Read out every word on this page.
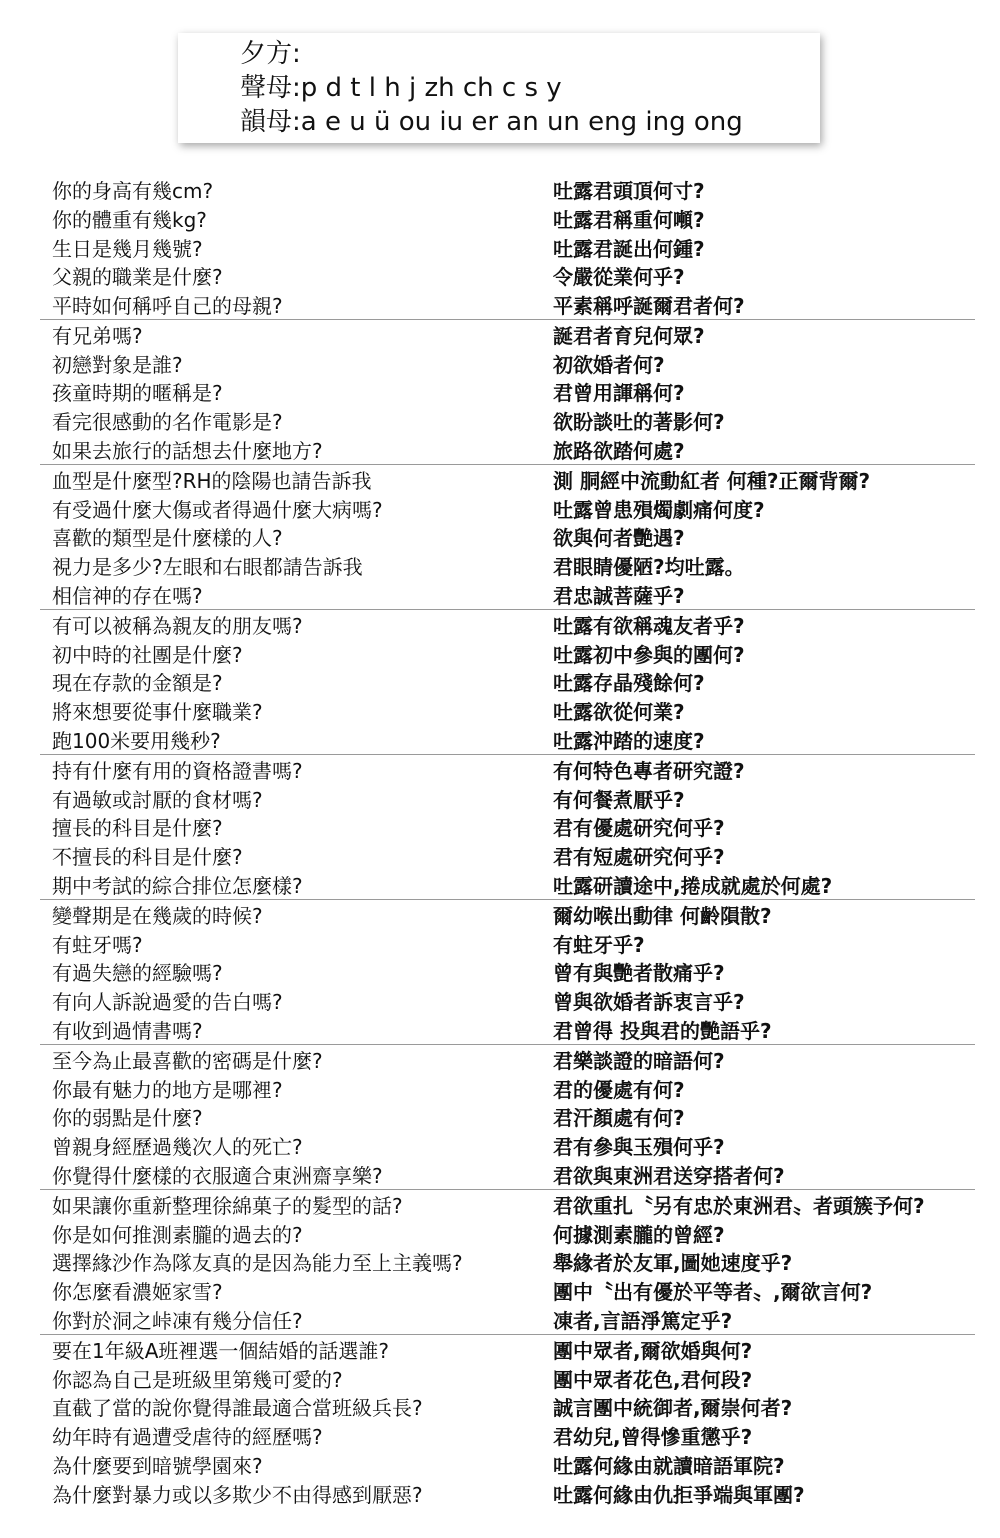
夕方:
聲母:p d t l h j zh ch c s y
韻母:a e u ü ou iu er an un eng ing ong
你的身高有幾cm?	吐露君頭頂何寸?
你的體重有幾kg?	吐露君稱重何噸?
生日是幾月幾號?	吐露君誕出何鍾?
父親的職業是什麼?	令嚴從業何乎?
平時如何稱呼自己的母親?	平素稱呼誕爾君者何?
有兄弟嗎?	誕君者育兒何眾?
初戀對象是誰?	初欲婚者何?
孩童時期的暱稱是?	君曾用諢稱何?
看完很感動的名作電影是?	欲盼談吐的著影何?
如果去旅行的話想去什麼地方?	旅路欲踏何處?
血型是什麼型?RH的陰陽也請告訴我	測 胴經中流動紅者 何種?正爾背爾?
有受過什麼大傷或者得過什麼大病嗎?	吐露曾患殞燭劇痛何度?
喜歡的類型是什麼樣的人?	欲與何者艷遇?
視力是多少?左眼和右眼都請告訴我	君眼睛優陋?均吐露。
相信神的存在嗎?	君忠誠菩薩乎?
有可以被稱為親友的朋友嗎?	吐露有欲稱魂友者乎?
初中時的社團是什麼?	吐露初中參與的團何?
現在存款的金額是?	吐露存晶殘餘何?
將來想要從事什麼職業?	吐露欲從何業?
跑100米要用幾秒?	吐露沖踏的速度?
持有什麼有用的資格證書嗎?	有何特色專者研究證?
有過敏或討厭的食材嗎?	有何餐煮厭乎?
擅長的科目是什麼?	君有優處研究何乎?
不擅長的科目是什麼?	君有短處研究何乎?
期中考試的綜合排位怎麼樣?	吐露研讀途中,捲成就處於何處?
變聲期是在幾歲的時候?	爾幼喉出動律 何齡隕散?
有蛀牙嗎?	有蛀牙乎?
有過失戀的經驗嗎?	曾有與艷者散痛乎?
有向人訴說過愛的告白嗎?	曾與欲婚者訴衷言乎?
有收到過情書嗎?	君曾得 投與君的艷語乎?
至今為止最喜歡的密碼是什麼?	君樂談證的暗語何?
你最有魅力的地方是哪裡?	君的優處有何?
你的弱點是什麼?	君汗顏處有何?
曾親身經歷過幾次人的死亡?	君有參與玉殞何乎?
你覺得什麼樣的衣服適合東洲齋享樂?	君欲與東洲君送穿搭者何?
如果讓你重新整理徐綿菓子的髮型的話?	君欲重扎〝另有忠於東洲君〟者頭簇予何?
你是如何推測素朧的過去的?	何據測素朧的曾經?
選擇緣沙作為隊友真的是因為能力至上主義嗎?	舉緣者於友軍,圖她速度乎?
你怎麼看濃姬家雪?	團中〝出有優於平等者〟,爾欲言何?
你對於洞之峠凍有幾分信任?	凍者,言語淨篤定乎?
要在1年級A班裡選一個結婚的話選誰?	團中眾者,爾欲婚與何?
你認為自己是班級里第幾可愛的?	團中眾者花色,君何段?
直截了當的說你覺得誰最適合當班級兵長?	誠言團中統御者,爾崇何者?
幼年時有過遭受虐待的經歷嗎?	君幼兒,曾得慘重懲乎?
為什麼要到暗號學園來?	吐露何緣由就讀暗語軍院?
為什麼對暴力或以多欺少不由得感到厭惡?	吐露何緣由仇拒爭端與軍團?
